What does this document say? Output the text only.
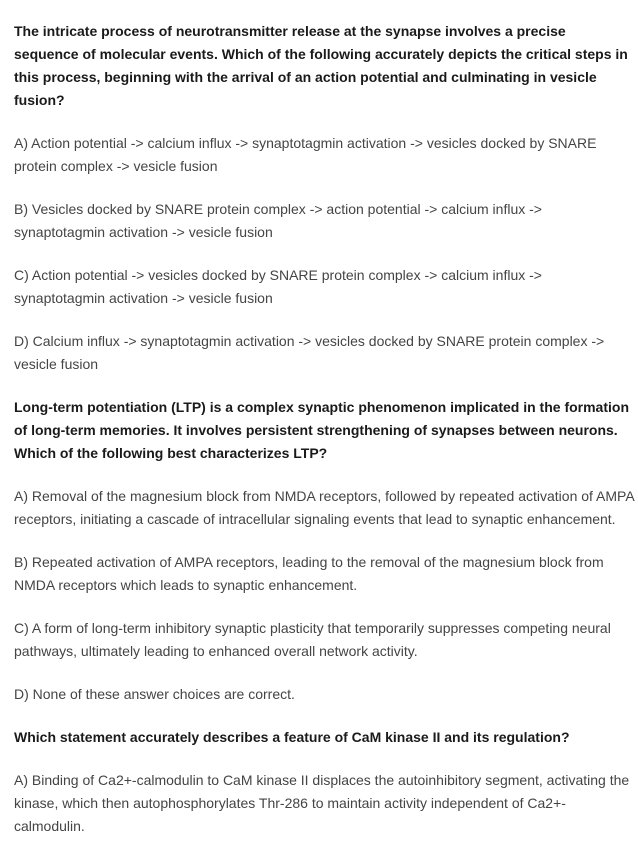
The intricate process of neurotransmitter release at the synapse involves a precise sequence of molecular events. Which of the following accurately depicts the critical steps in this process, beginning with the arrival of an action potential and culminating in vesicle fusion?

A) Action potential -> calcium influx -> synaptotagmin activation -> vesicles docked by SNARE protein complex -> vesicle fusion

B) Vesicles docked by SNARE protein complex -> action potential -> calcium influx -> synaptotagmin activation -> vesicle fusion

C) Action potential -> vesicles docked by SNARE protein complex -> calcium influx -> synaptotagmin activation -> vesicle fusion

D) Calcium influx -> synaptotagmin activation -> vesicles docked by SNARE protein complex -> vesicle fusion

Long-term potentiation (LTP) is a complex synaptic phenomenon implicated in the formation of long-term memories. It involves persistent strengthening of synapses between neurons. Which of the following best characterizes LTP?

A) Removal of the magnesium block from NMDA receptors, followed by repeated activation of AMPA receptors, initiating a cascade of intracellular signaling events that lead to synaptic enhancement.

B) Repeated activation of AMPA receptors, leading to the removal of the magnesium block from NMDA receptors which leads to synaptic enhancement.

C) A form of long-term inhibitory synaptic plasticity that temporarily suppresses competing neural pathways, ultimately leading to enhanced overall network activity.

D) None of these answer choices are correct.

Which statement accurately describes a feature of CaM kinase II and its regulation?

A) Binding of Ca2+-calmodulin to CaM kinase II displaces the autoinhibitory segment, activating the kinase, which then autophosphorylates Thr-286 to maintain activity independent of Ca2+-calmodulin.
